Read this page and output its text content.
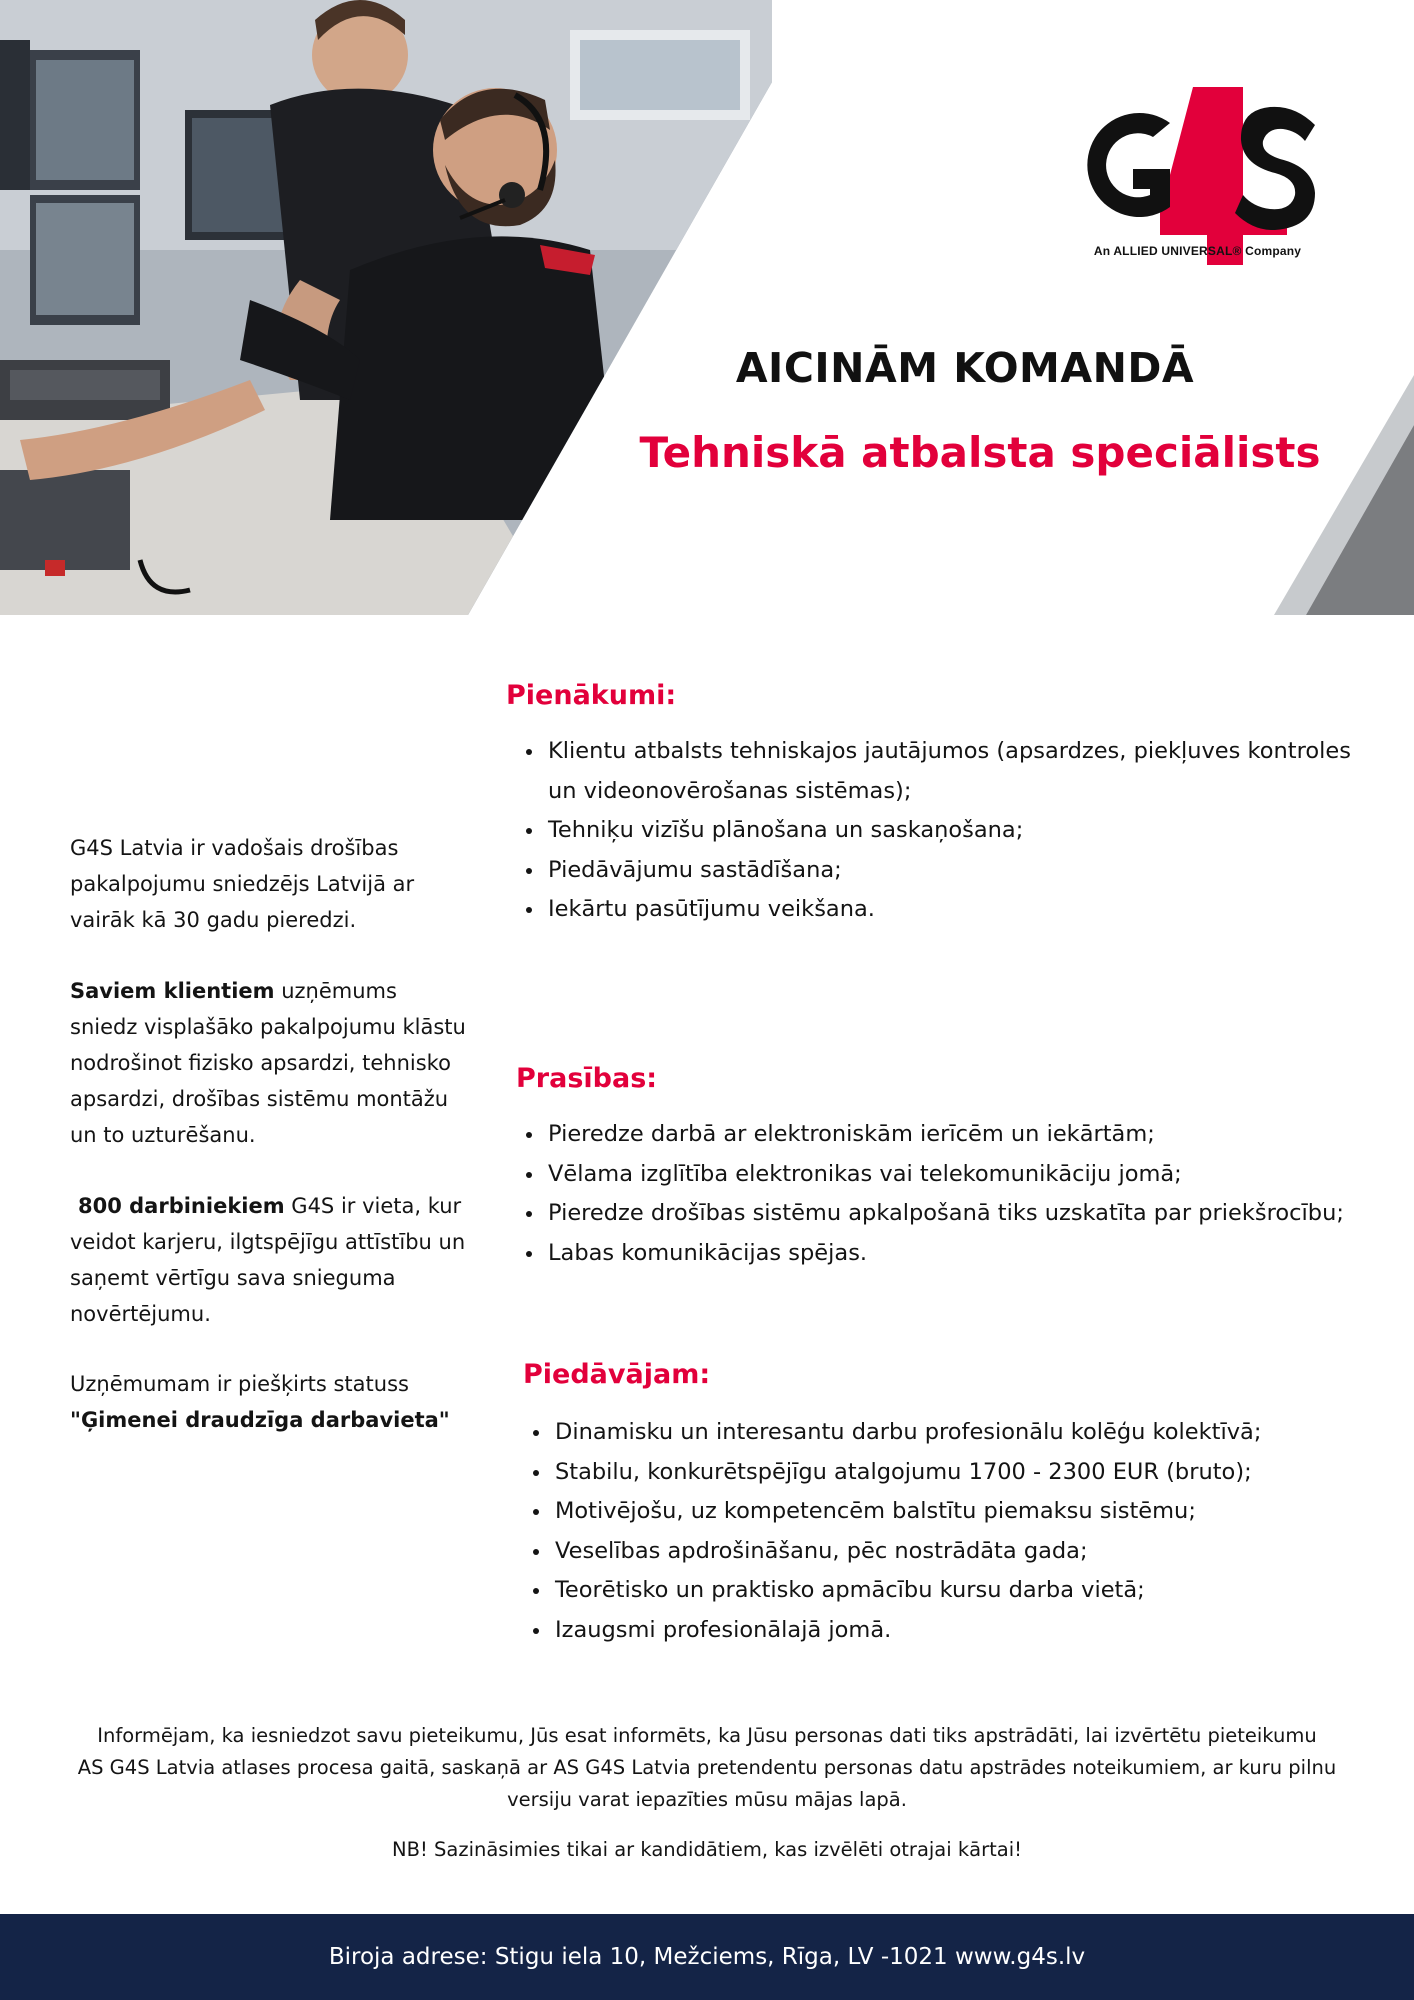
An ALLIED UNIVERSAL® Company
AICINĀM KOMANDĀ
Tehniskā atbalsta speciālists
G4S Latvia ir vadošais drošības pakalpojumu sniedzējs Latvijā ar vairāk kā 30 gadu pieredzi.
Saviem klientiem uzņēmums sniedz visplašāko pakalpojumu klāstu nodrošinot fizisko apsardzi, tehnisko apsardzi, drošības sistēmu montāžu un to uzturēšanu.
800 darbiniekiem G4S ir vieta, kur veidot karjeru, ilgtspējīgu attīstību un saņemt vērtīgu sava snieguma novērtējumu.
Uzņēmumam ir piešķirts statuss
"Ģimenei draudzīga darbavieta"
Pienākumi:
Klientu atbalsts tehniskajos jautājumos (apsardzes, piekļuves kontroles un videonovērošanas sistēmas);
Tehniķu vizīšu plānošana un saskaņošana;
Piedāvājumu sastādīšana;
Iekārtu pasūtījumu veikšana.
Prasības:
Pieredze darbā ar elektroniskām ierīcēm un iekārtām;
Vēlama izglītība elektronikas vai telekomunikāciju jomā;
Pieredze drošības sistēmu apkalpošanā tiks uzskatīta par priekšrocību;
Labas komunikācijas spējas.
Piedāvājam:
Dinamisku un interesantu darbu profesionālu kolēģu kolektīvā;
Stabilu, konkurētspējīgu atalgojumu 1700 - 2300 EUR (bruto);
Motivējošu, uz kompetencēm balstītu piemaksu sistēmu;
Veselības apdrošināšanu, pēc nostrādāta gada;
Teorētisko un praktisko apmācību kursu darba vietā;
Izaugsmi profesionālajā jomā.
Informējam, ka iesniedzot savu pieteikumu, Jūs esat informēts, ka Jūsu personas dati tiks apstrādāti, lai izvērtētu pieteikumu
AS G4S Latvia atlases procesa gaitā, saskaņā ar AS G4S Latvia pretendentu personas datu apstrādes noteikumiem, ar kuru pilnu
versiju varat iepazīties mūsu mājas lapā.
NB! Sazināsimies tikai ar kandidātiem, kas izvēlēti otrajai kārtai!
Biroja adrese: Stigu iela 10, Mežciems, Rīga, LV -1021 www.g4s.lv
